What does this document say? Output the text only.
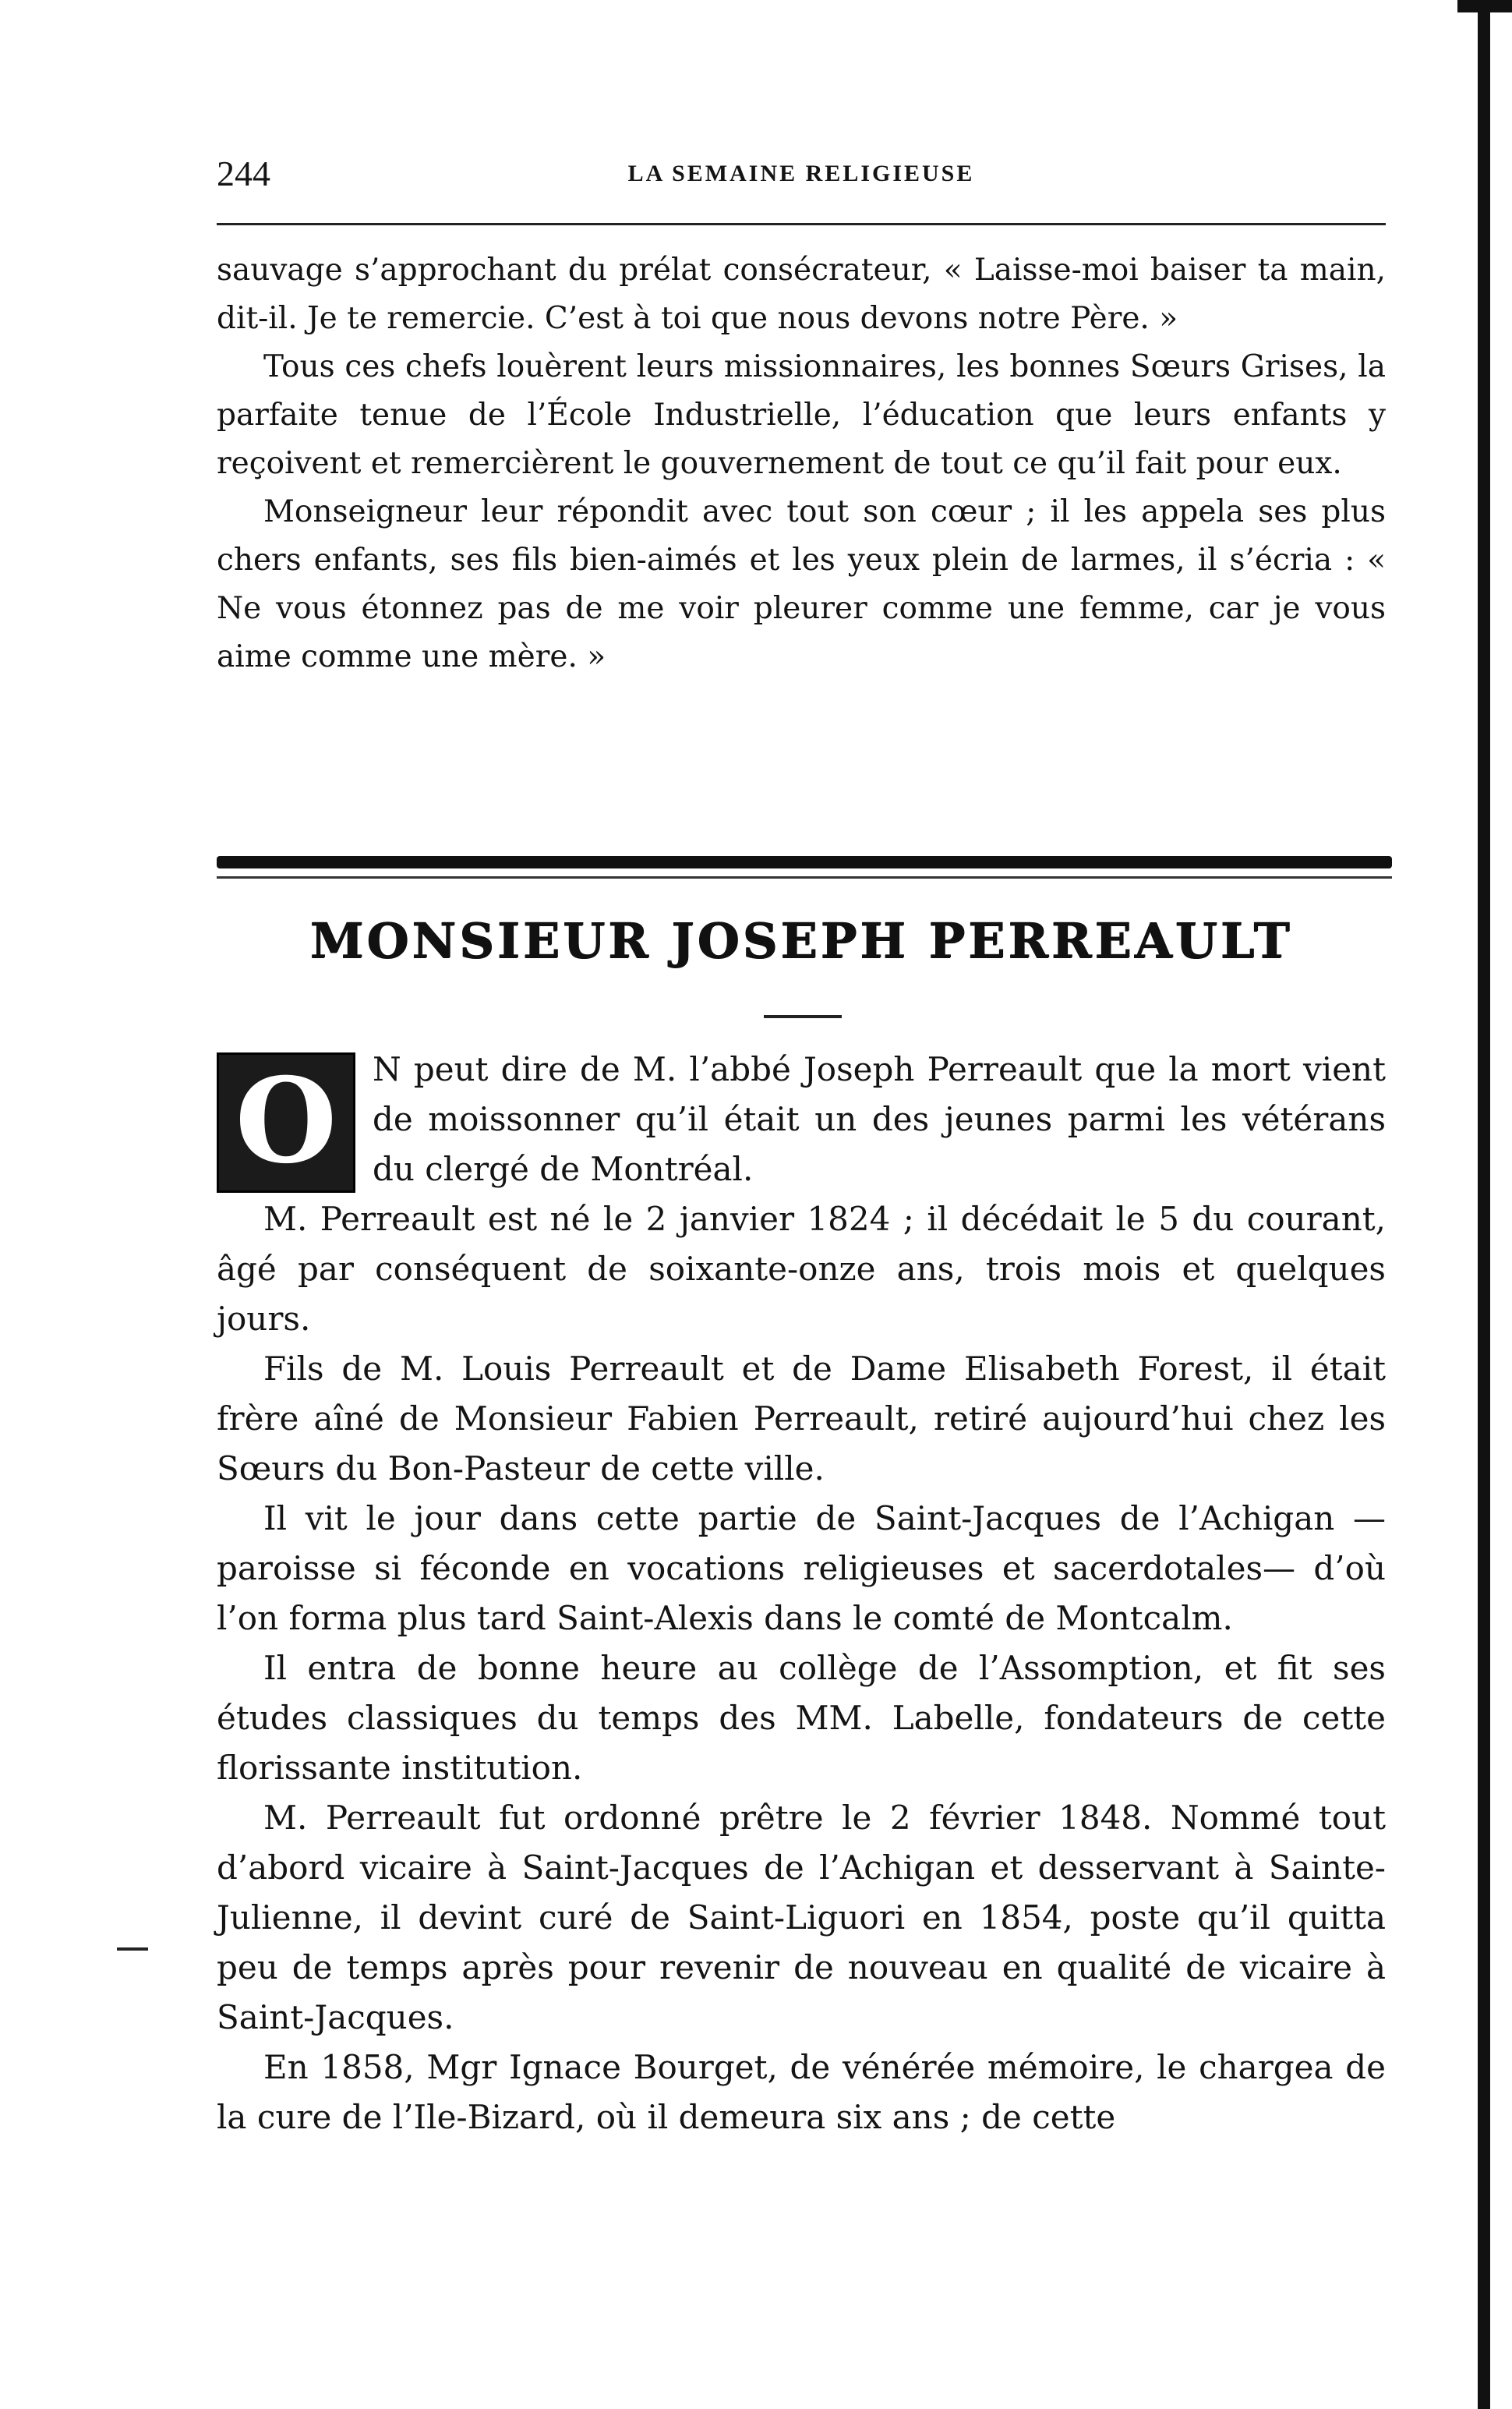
244	LA SEMAINE RELIGIEUSE

sauvage s’approchant du prélat consécrateur, « Laisse-moi baiser ta main, dit-il. Je te remercie. C’est à toi que nous devons notre Père. »

Tous ces chefs louèrent leurs missionnaires, les bonnes Sœurs Grises, la parfaite tenue de l’École Industrielle, l’éducation que leurs enfants y reçoivent et remercièrent le gouvernement de tout ce qu’il fait pour eux.

Monseigneur leur répondit avec tout son cœur ; il les appela ses plus chers enfants, ses fils bien-aimés et les yeux plein de larmes, il s’écria : « Ne vous étonnez pas de me voir pleurer comme une femme, car je vous aime comme une mère. »

MONSIEUR JOSEPH PERREAULT
O	N peut dire de M. l’abbé Joseph Perreault que la mort vient de moissonner qu’il était un des jeunes parmi les vétérans du clergé de Montréal.

M. Perreault est né le 2 janvier 1824 ; il décédait le 5 du courant, âgé par conséquent de soixante-onze ans, trois mois et quelques jours.

Fils de M. Louis Perreault et de Dame Elisabeth Forest, il était frère aîné de Monsieur Fabien Perreault, retiré aujourd’hui chez les Sœurs du Bon-Pasteur de cette ville.

Il vit le jour dans cette partie de Saint-Jacques de l’Achigan —paroisse si féconde en vocations religieuses et sacerdotales— d’où l’on forma plus tard Saint-Alexis dans le comté de Montcalm.

Il entra de bonne heure au collège de l’Assomption, et fit ses études classiques du temps des MM. Labelle, fondateurs de cette florissante institution.

M. Perreault fut ordonné prêtre le 2 février 1848. Nommé tout d’abord vicaire à Saint-Jacques de l’Achigan et desservant à Sainte-Julienne, il devint curé de Saint-Liguori en 1854, poste qu’il quitta peu de temps après pour revenir de nouveau en qualité de vicaire à Saint-Jacques.

En 1858, Mgr Ignace Bourget, de vénérée mémoire, le chargea de la cure de l’Ile-Bizard, où il demeura six ans ; de cette
